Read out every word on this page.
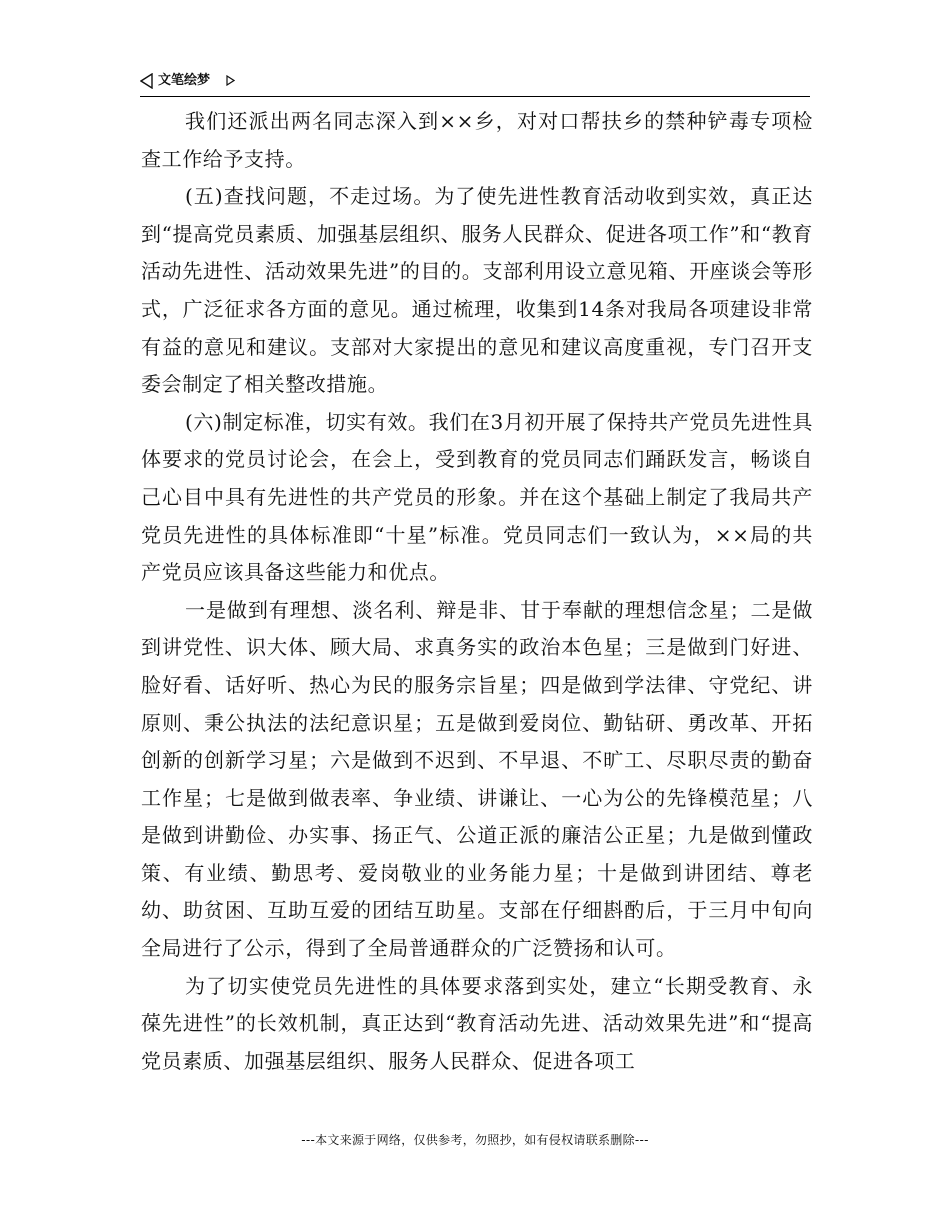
文笔绘梦

我们还派出两名同志深入到××乡，对对口帮扶乡的禁种铲毒专项检查工作给予支持。

(五)查找问题，不走过场。为了使先进性教育活动收到实效，真正达到“提高党员素质、加强基层组织、服务人民群众、促进各项工作”和“教育活动先进性、活动效果先进”的目的。支部利用设立意见箱、开座谈会等形式，广泛征求各方面的意见。通过梳理，收集到14条对我局各项建设非常有益的意见和建议。支部对大家提出的意见和建议高度重视，专门召开支委会制定了相关整改措施。

(六)制定标准，切实有效。我们在3月初开展了保持共产党员先进性具体要求的党员讨论会，在会上，受到教育的党员同志们踊跃发言，畅谈自己心目中具有先进性的共产党员的形象。并在这个基础上制定了我局共产党员先进性的具体标准即“十星”标准。党员同志们一致认为，××局的共产党员应该具备这些能力和优点。

一是做到有理想、淡名利、辩是非、甘于奉献的理想信念星；二是做到讲党性、识大体、顾大局、求真务实的政治本色星；三是做到门好进、脸好看、话好听、热心为民的服务宗旨星；四是做到学法律、守党纪、讲原则、秉公执法的法纪意识星；五是做到爱岗位、勤钻研、勇改革、开拓创新的创新学习星；六是做到不迟到、不早退、不旷工、尽职尽责的勤奋工作星；七是做到做表率、争业绩、讲谦让、一心为公的先锋模范星；八是做到讲勤俭、办实事、扬正气、公道正派的廉洁公正星；九是做到懂政策、有业绩、勤思考、爱岗敬业的业务能力星；十是做到讲团结、尊老幼、助贫困、互助互爱的团结互助星。支部在仔细斟酌后，于三月中旬向全局进行了公示，得到了全局普通群众的广泛赞扬和认可。

为了切实使党员先进性的具体要求落到实处，建立“长期受教育、永葆先进性”的长效机制，真正达到“教育活动先进、活动效果先进”和“提高党员素质、加强基层组织、服务人民群众、促进各项工

---本文来源于网络，仅供参考，勿照抄，如有侵权请联系删除---
